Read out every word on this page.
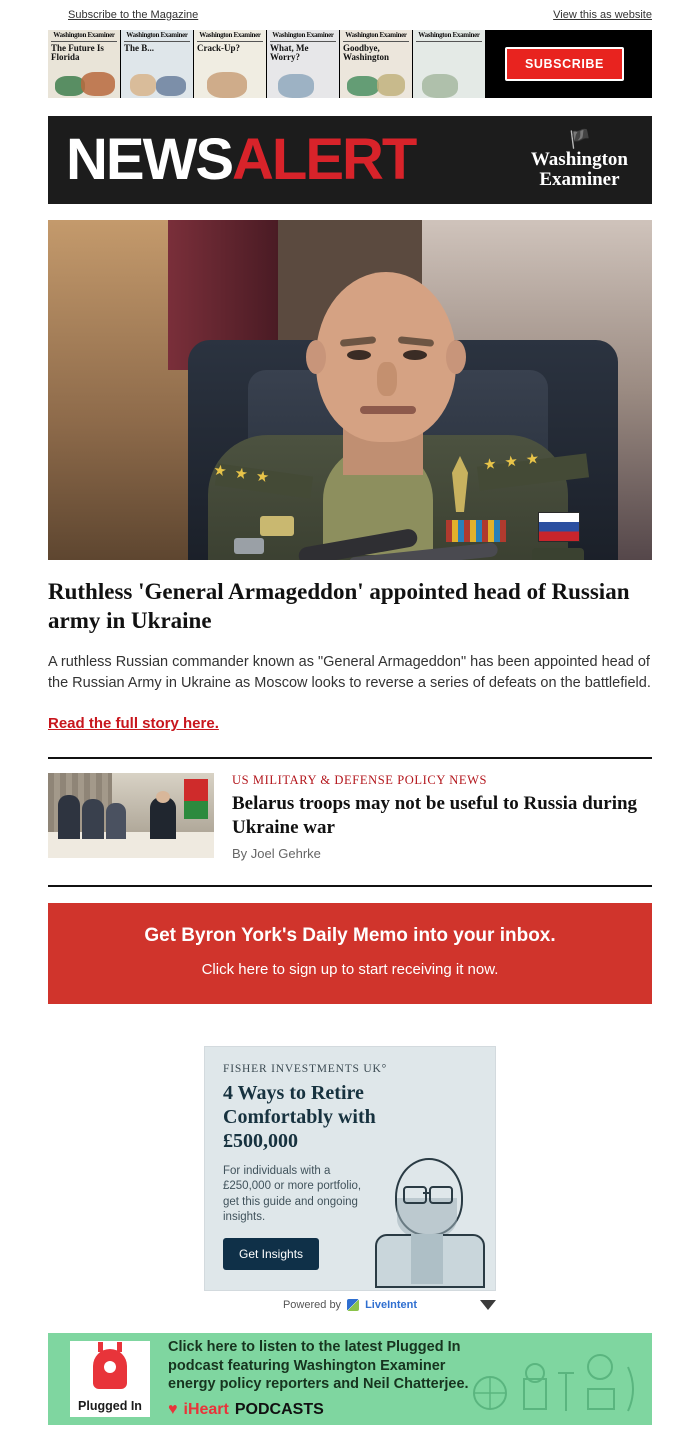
Subscribe to the Magazine	View this as website
Washington Examiner
The Future Is Florida
Washington Examiner
The B...
Washington Examiner
Crack-Up?
Washington Examiner
What, Me Worry?
Washington Examiner
Goodbye, Washington
Washington Examiner
SUBSCRIBE
NEWSALERT	🏴️
Washington
Examiner
★★★
★★★
Ruthless 'General Armageddon' appointed head of Russian army in Ukraine
A ruthless Russian commander known as "General Armageddon" has been appointed head of the Russian Army in Ukraine as Moscow looks to reverse a series of defeats on the battlefield.
Read the full story here.
US MILITARY & DEFENSE POLICY NEWS
Belarus troops may not be useful to Russia during Ukraine war
By Joel Gehrke
Get Byron York's Daily Memo into your inbox.
Click here to sign up to start receiving it now.
FISHER INVESTMENTS UK°
4 Ways to Retire Comfortably with £500,000
For individuals with a £250,000 or more portfolio, get this guide and ongoing insights.
Get Insights
Powered by LiveIntent
Plugged In
Click here to listen to the latest Plugged In
podcast featuring Washington Examiner
energy policy reporters and Neil Chatterjee.
♥ iHeart PODCASTS
